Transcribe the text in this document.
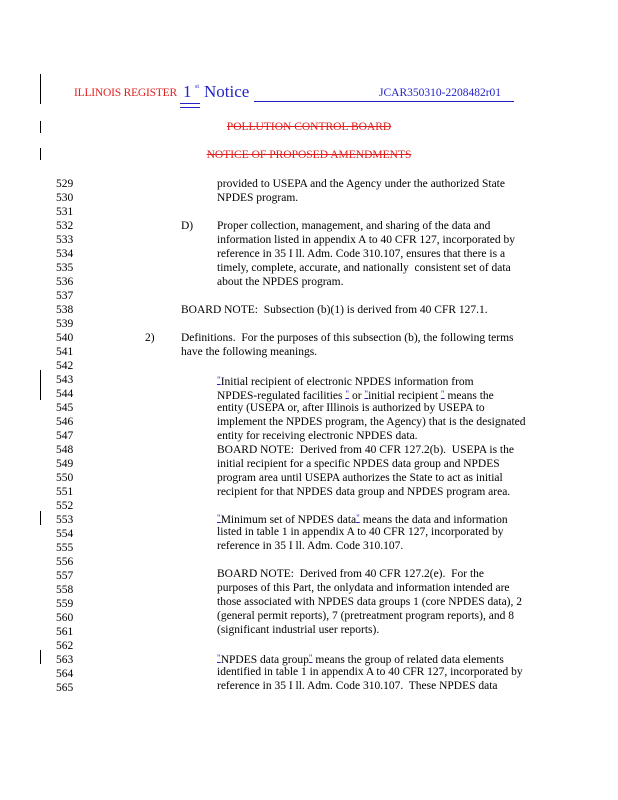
ILLINOIS REGISTER 1 st Notice	JCAR350310-2208482r01
POLLUTION CONTROL BOARD
NOTICE OF PROPOSED AMENDMENTS
529
530
531
532
533
534
535
536
537
538
539
540
541
542
543
544
545
546
547
548
549
550
551
552
553
554
555
556
557
558
559
560
561
562
563
564
565
provided to USEPA and the Agency under the authorized State
NPDES program.
D) Proper collection, management, and sharing of the data and
information listed in appendix A to 40 CFR 127, incorporated by
reference in 35 I ll. Adm. Code 310.107, ensures that there is a
timely, complete, accurate, and nationally  consistent set of data
about the NPDES program.
BOARD NOTE:  Subsection (b)(1) is derived from 40 CFR 127.1.
2) Definitions.  For the purposes of this subsection (b), the following terms
have the following meanings.
"Initial recipient of electronic NPDES information from
NPDES-regulated facilities " or "initial recipient " means the
entity (USEPA or, after Illinois is authorized by USEPA to
implement the NPDES program, the Agency) that is the designated
entity for receiving electronic NPDES data.
BOARD NOTE:  Derived from 40 CFR 127.2(b).  USEPA is the
initial recipient for a specific NPDES data group and NPDES
program area until USEPA authorizes the State to act as initial
recipient for that NPDES data group and NPDES program area.
"Minimum set of NPDES data" means the data and information
listed in table 1 in appendix A to 40 CFR 127, incorporated by
reference in 35 I ll. Adm. Code 310.107.
BOARD NOTE:  Derived from 40 CFR 127.2(e).  For the
purposes of this Part, the onlydata and information intended are
those associated with NPDES data groups 1 (core NPDES data), 2
(general permit reports), 7 (pretreatment program reports), and 8
(significant industrial user reports).
"NPDES data group" means the group of related data elements
identified in table 1 in appendix A to 40 CFR 127, incorporated by
reference in 35 I ll. Adm. Code 310.107.  These NPDES data
